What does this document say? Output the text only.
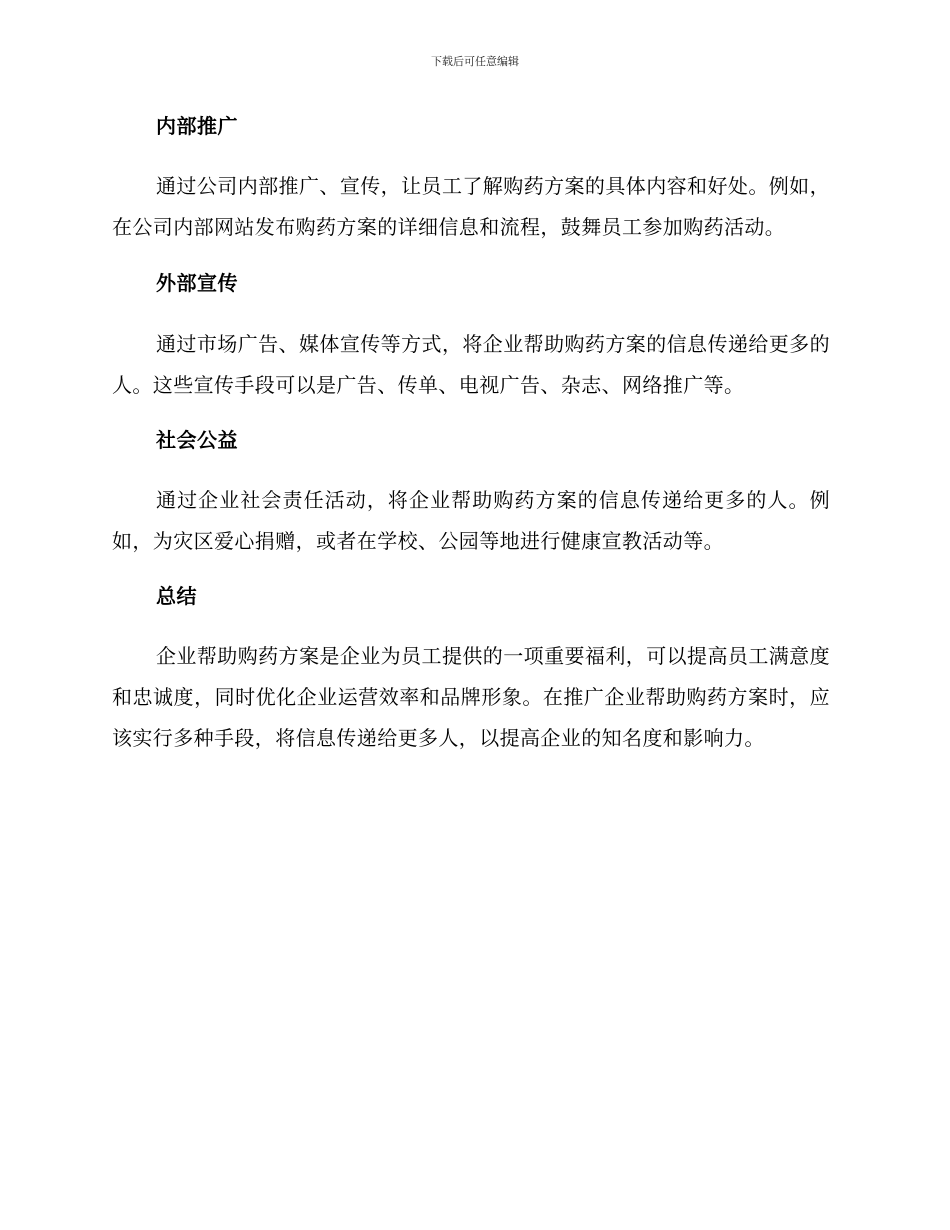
下载后可任意编辑
内部推广

通过公司内部推广、宣传，让员工了解购药方案的具体内容和好处。例如，在公司内部网站发布购药方案的详细信息和流程，鼓舞员工参加购药活动。

外部宣传

通过市场广告、媒体宣传等方式，将企业帮助购药方案的信息传递给更多的人。这些宣传手段可以是广告、传单、电视广告、杂志、网络推广等。

社会公益

通过企业社会责任活动，将企业帮助购药方案的信息传递给更多的人。例如，为灾区爱心捐赠，或者在学校、公园等地进行健康宣教活动等。

总结

企业帮助购药方案是企业为员工提供的一项重要福利，可以提高员工满意度和忠诚度，同时优化企业运营效率和品牌形象。在推广企业帮助购药方案时，应该实行多种手段，将信息传递给更多人，以提高企业的知名度和影响力。
